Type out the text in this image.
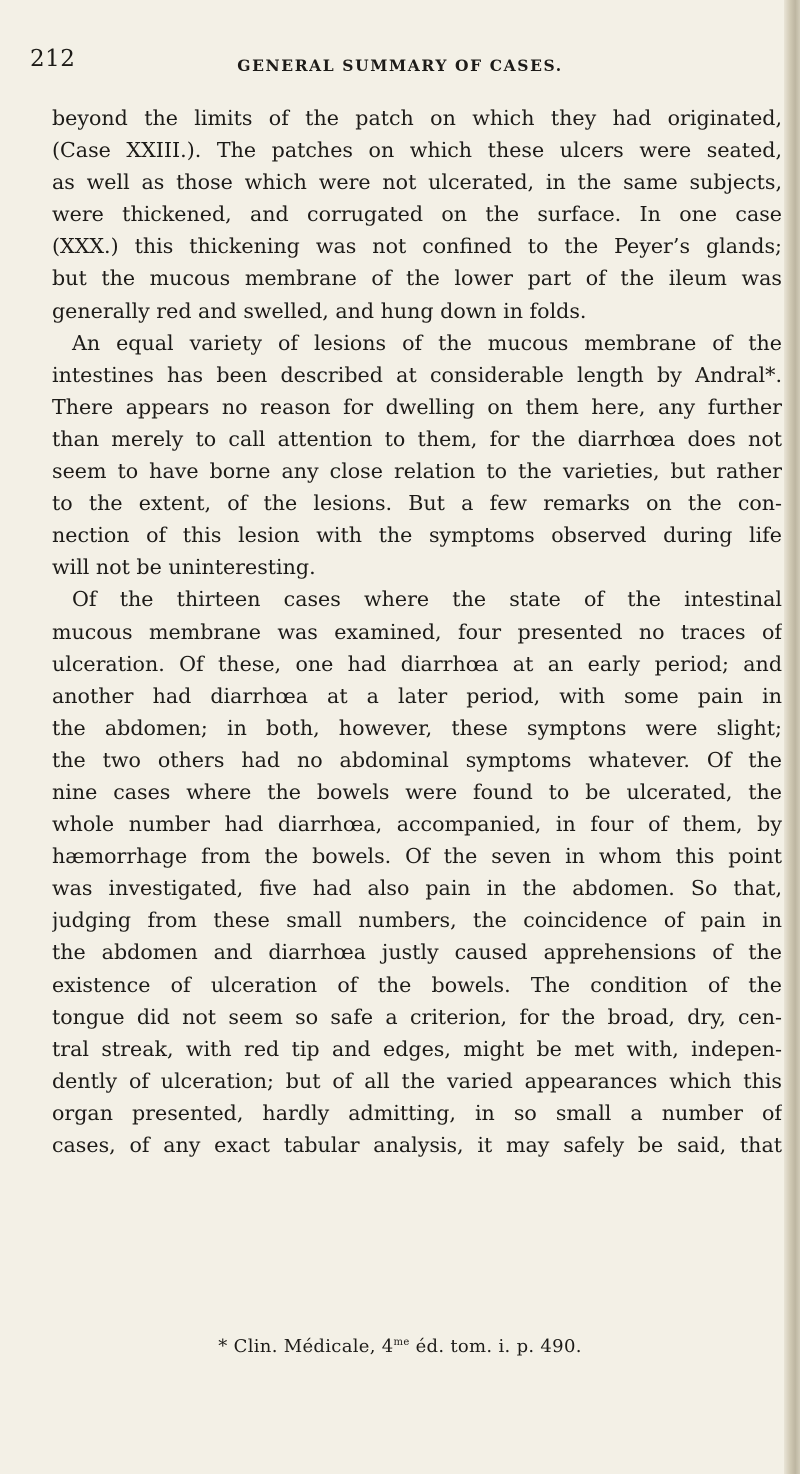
212	GENERAL SUMMARY OF CASES.
beyond the limits of the patch on which they had originated,
(Case XXIII.). The patches on which these ulcers were seated,
as well as those which were not ulcerated, in the same subjects,
were thickened, and corrugated on the surface. In one case
(XXX.) this thickening was not confined to the Peyer’s glands;
but the mucous membrane of the lower part of the ileum was
generally red and swelled, and hung down in folds.
An equal variety of lesions of the mucous membrane of the
intestines has been described at considerable length by Andral*.
There appears no reason for dwelling on them here, any further
than merely to call attention to them, for the diarrhœa does not
seem to have borne any close relation to the varieties, but rather
to the extent, of the lesions. But a few remarks on the con-
nection of this lesion with the symptoms observed during life
will not be uninteresting.
Of the thirteen cases where the state of the intestinal
mucous membrane was examined, four presented no traces of
ulceration. Of these, one had diarrhœa at an early period; and
another had diarrhœa at a later period, with some pain in
the abdomen; in both, however, these symptons were slight;
the two others had no abdominal symptoms whatever. Of the
nine cases where the bowels were found to be ulcerated, the
whole number had diarrhœa, accompanied, in four of them, by
hæmorrhage from the bowels. Of the seven in whom this point
was investigated, five had also pain in the abdomen. So that,
judging from these small numbers, the coincidence of pain in
the abdomen and diarrhœa justly caused apprehensions of the
existence of ulceration of the bowels. The condition of the
tongue did not seem so safe a criterion, for the broad, dry, cen-
tral streak, with red tip and edges, might be met with, indepen-
dently of ulceration; but of all the varied appearances which this
organ presented, hardly admitting, in so small a number of
cases, of any exact tabular analysis, it may safely be said, that
* Clin. Médicale, $4^{me}$ éd. tom. i. p. 490.
